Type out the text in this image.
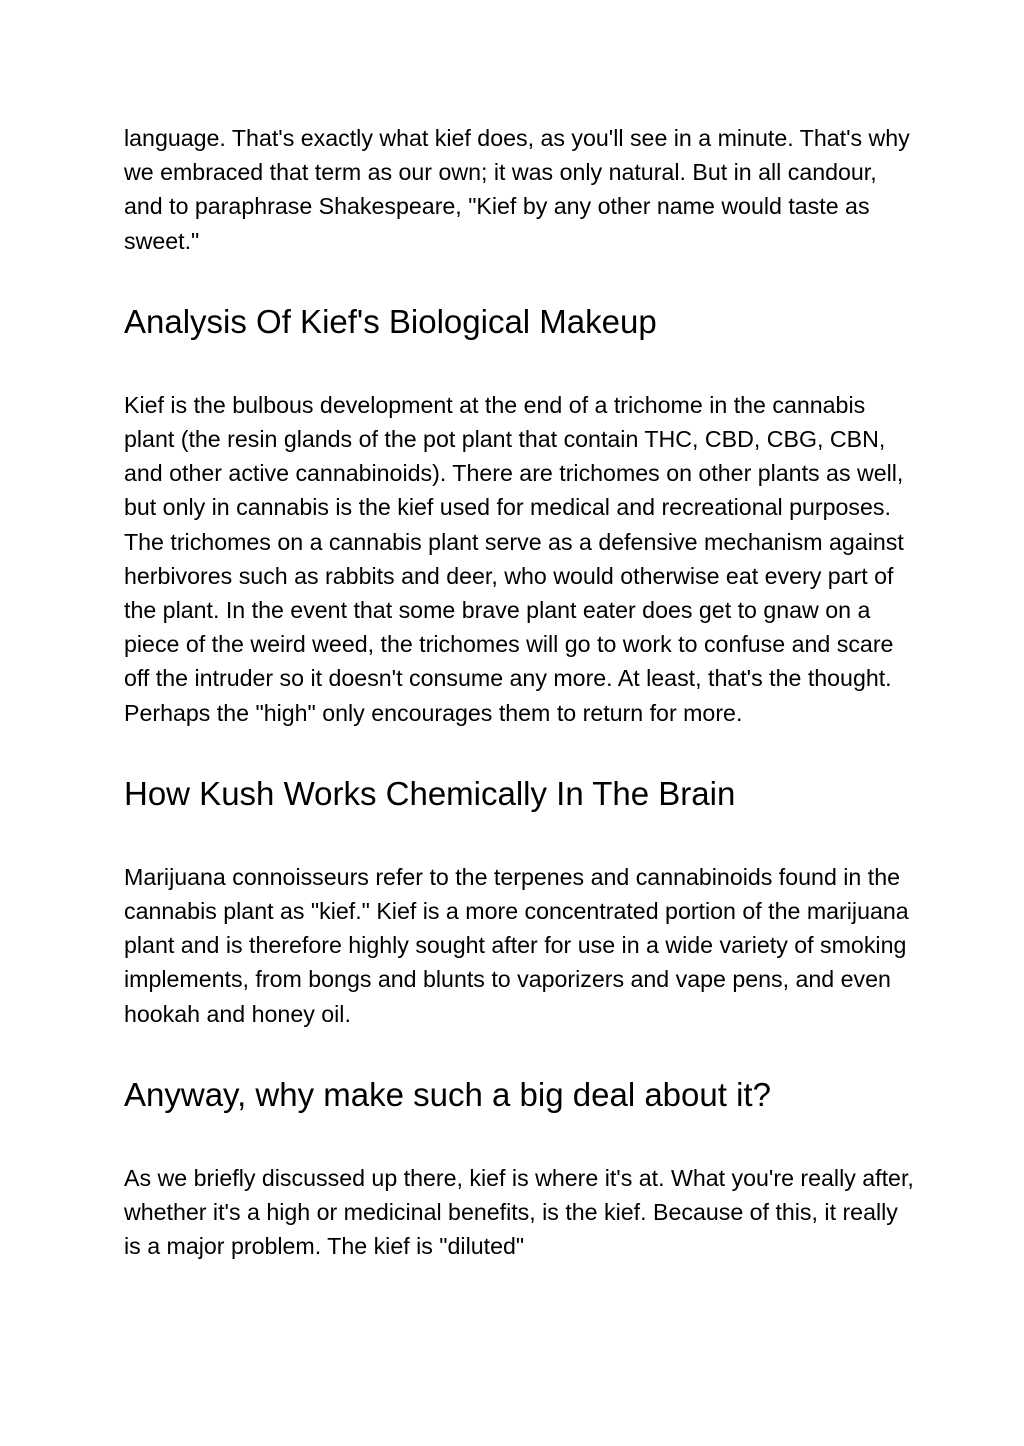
language. That's exactly what kief does, as you'll see in a minute. That's why we embraced that term as our own; it was only natural. But in all candour, and to paraphrase Shakespeare, "Kief by any other name would taste as sweet."

Analysis Of Kief's Biological Makeup

Kief is the bulbous development at the end of a trichome in the cannabis plant (the resin glands of the pot plant that contain THC, CBD, CBG, CBN, and other active cannabinoids). There are trichomes on other plants as well, but only in cannabis is the kief used for medical and recreational purposes. The trichomes on a cannabis plant serve as a defensive mechanism against herbivores such as rabbits and deer, who would otherwise eat every part of the plant. In the event that some brave plant eater does get to gnaw on a piece of the weird weed, the trichomes will go to work to confuse and scare off the intruder so it doesn't consume any more. At least, that's the thought. Perhaps the "high" only encourages them to return for more.

How Kush Works Chemically In The Brain

Marijuana connoisseurs refer to the terpenes and cannabinoids found in the cannabis plant as "kief." Kief is a more concentrated portion of the marijuana plant and is therefore highly sought after for use in a wide variety of smoking implements, from bongs and blunts to vaporizers and vape pens, and even hookah and honey oil.

Anyway, why make such a big deal about it?

As we briefly discussed up there, kief is where it's at. What you're really after, whether it's a high or medicinal benefits, is the kief. Because of this, it really is a major problem. The kief is "diluted"
